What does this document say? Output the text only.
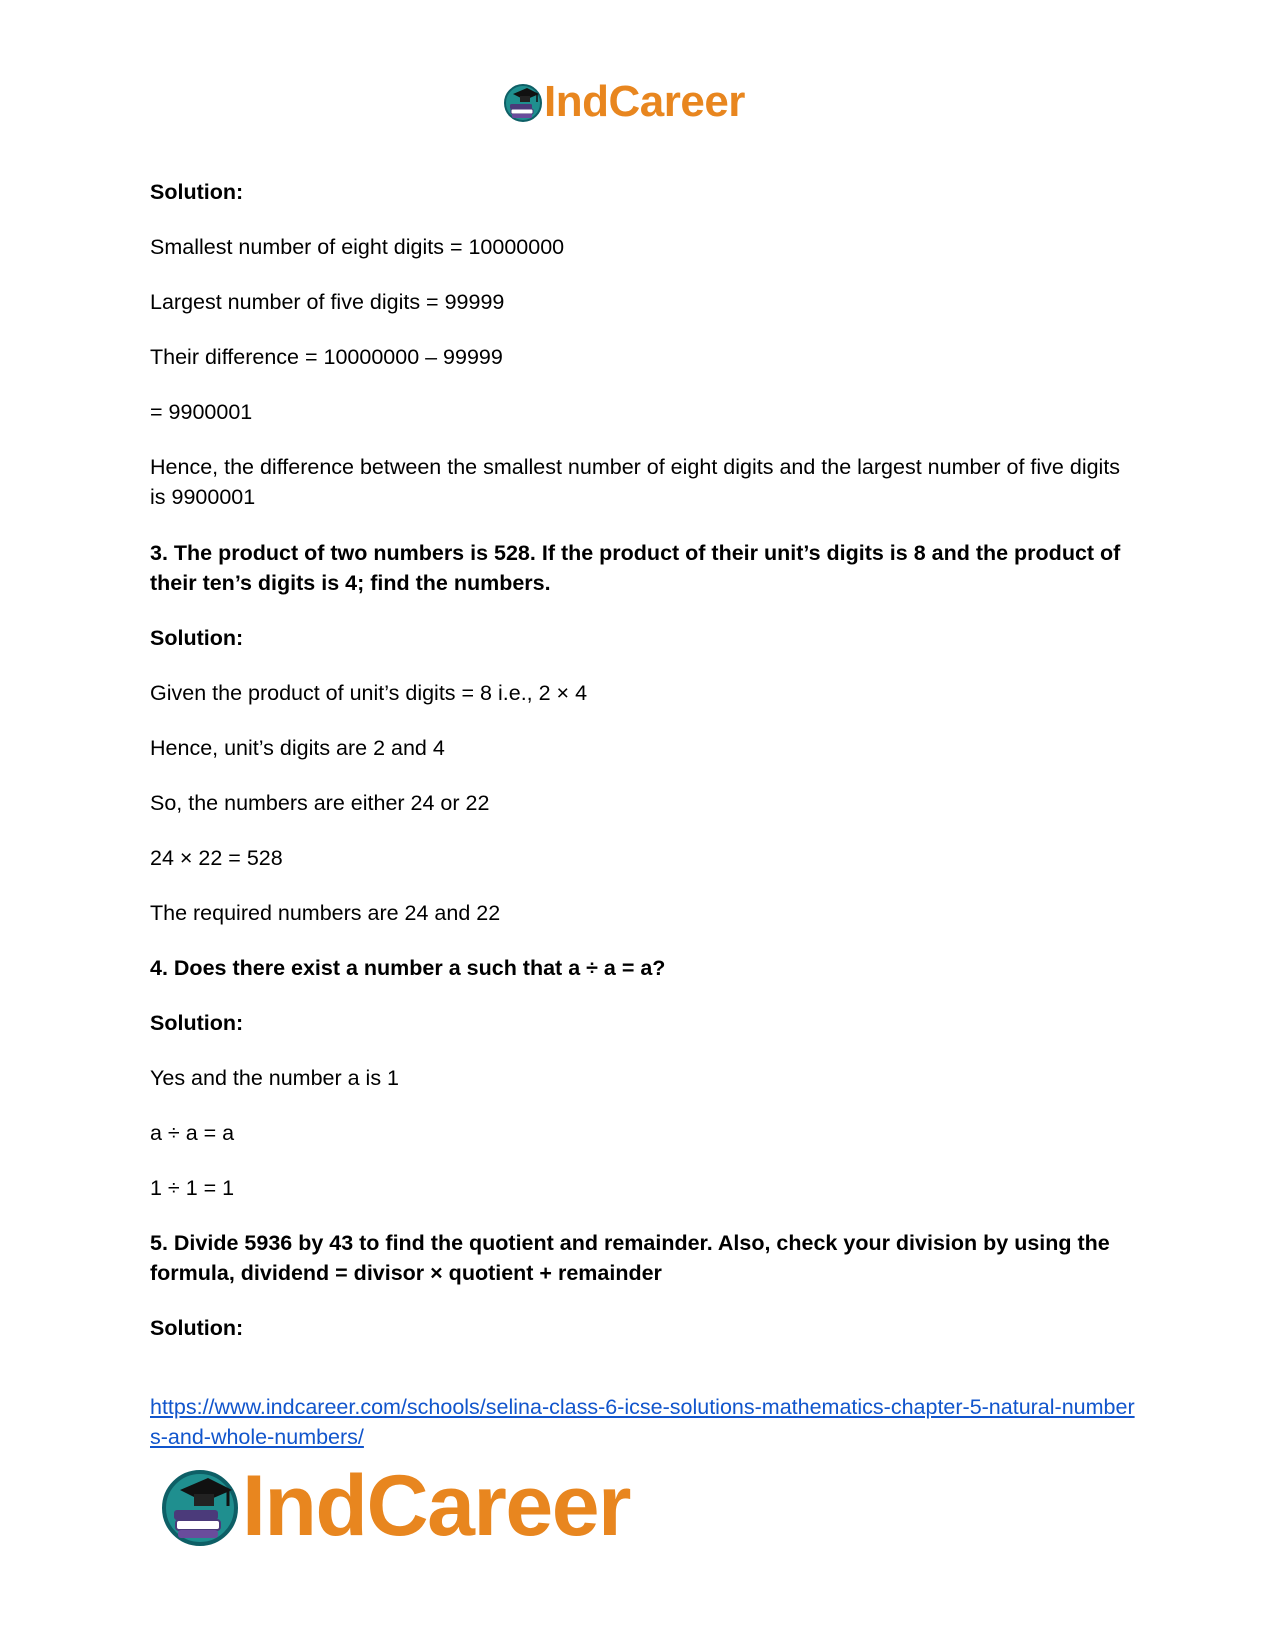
IndCareer

Solution:

Smallest number of eight digits = 10000000

Largest number of five digits = 99999

Their difference = 10000000 – 99999

= 9900001

Hence, the difference between the smallest number of eight digits and the largest number of five digits is 9900001

3. The product of two numbers is 528. If the product of their unit’s digits is 8 and the product of their ten’s digits is 4; find the numbers.

Solution:

Given the product of unit’s digits = 8 i.e., 2 × 4

Hence, unit’s digits are 2 and 4

So, the numbers are either 24 or 22

24 × 22 = 528

The required numbers are 24 and 22

4. Does there exist a number a such that a ÷ a = a?

Solution:

Yes and the number a is 1

a ÷ a = a

1 ÷ 1 = 1

5. Divide 5936 by 43 to find the quotient and remainder. Also, check your division by using the formula, dividend = divisor × quotient + remainder

Solution:

https://www.indcareer.com/schools/selina-class-6-icse-solutions-mathematics-chapter-5-natural-numbers-and-whole-numbers/
IndCareer
